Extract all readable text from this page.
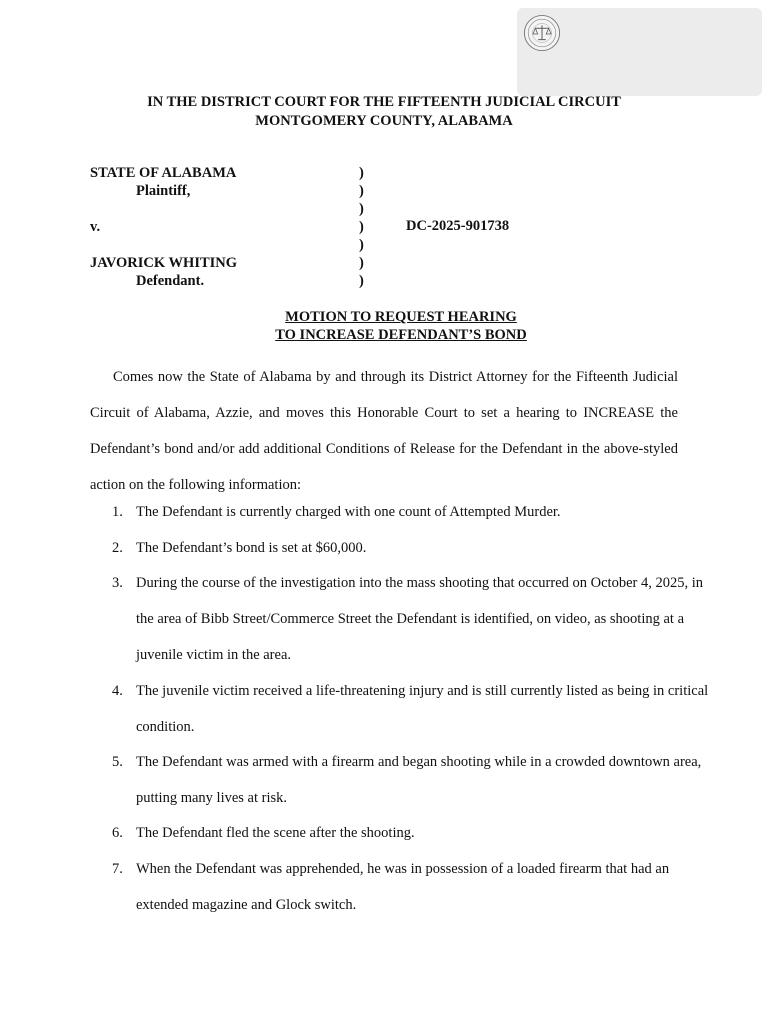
IN THE DISTRICT COURT FOR THE FIFTEENTH JUDICIAL CIRCUIT
MONTGOMERY COUNTY, ALABAMA
STATE OF ALABAMA
Plaintiff,
v.
JAVORICK WHITING
Defendant.
)
)
)
)
)
)
)
DC-2025-901738
MOTION TO REQUEST HEARING
TO INCREASE DEFENDANT’S BOND

Comes now the State of Alabama by and through its District Attorney for the Fifteenth Judicial Circuit of Alabama, Azzie, and moves this Honorable Court to set a hearing to INCREASE the Defendant’s bond and/or add additional Conditions of Release for the Defendant in the above-styled action on the following information:

1. The Defendant is currently charged with one count of Attempted Murder.

2. The Defendant’s bond is set at $60,000.

3. During the course of the investigation into the mass shooting that occurred on October 4, 2025, in the area of Bibb Street/Commerce Street the Defendant is identified, on video, as shooting at a juvenile victim in the area.

4. The juvenile victim received a life-threatening injury and is still currently listed as being in critical condition.

5. The Defendant was armed with a firearm and began shooting while in a crowded downtown area, putting many lives at risk.

6. The Defendant fled the scene after the shooting.

7. When the Defendant was apprehended, he was in possession of a loaded firearm that had an extended magazine and Glock switch.
